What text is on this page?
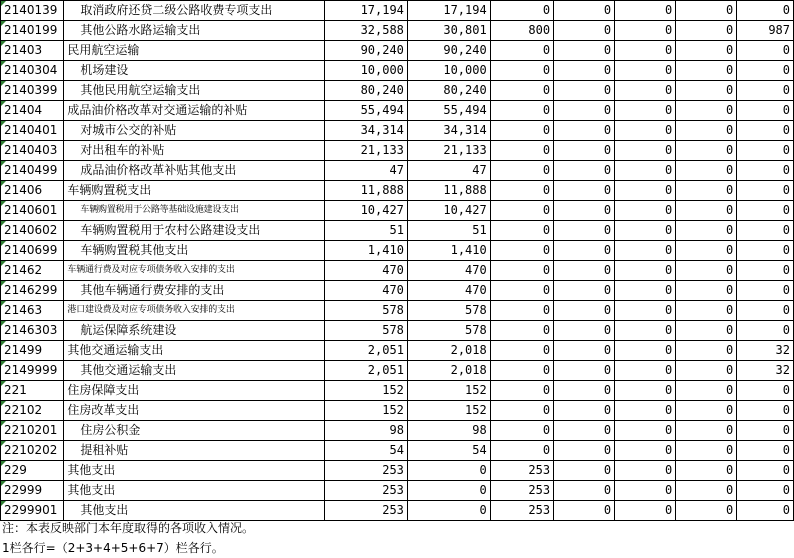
2140139	取消政府还贷二级公路收费专项支出	17,194	17,194	0	0	0	0	0
2140199	其他公路水路运输支出	32,588	30,801	800	0	0	0	987
21403	民用航空运输	90,240	90,240	0	0	0	0	0
2140304	机场建设	10,000	10,000	0	0	0	0	0
2140399	其他民用航空运输支出	80,240	80,240	0	0	0	0	0
21404	成品油价格改革对交通运输的补贴	55,494	55,494	0	0	0	0	0
2140401	对城市公交的补贴	34,314	34,314	0	0	0	0	0
2140403	对出租车的补贴	21,133	21,133	0	0	0	0	0
2140499	成品油价格改革补贴其他支出	47	47	0	0	0	0	0
21406	车辆购置税支出	11,888	11,888	0	0	0	0	0
2140601	车辆购置税用于公路等基础设施建设支出	10,427	10,427	0	0	0	0	0
2140602	车辆购置税用于农村公路建设支出	51	51	0	0	0	0	0
2140699	车辆购置税其他支出	1,410	1,410	0	0	0	0	0
21462	车辆通行费及对应专项债务收入安排的支出	470	470	0	0	0	0	0
2146299	其他车辆通行费安排的支出	470	470	0	0	0	0	0
21463	港口建设费及对应专项债务收入安排的支出	578	578	0	0	0	0	0
2146303	航运保障系统建设	578	578	0	0	0	0	0
21499	其他交通运输支出	2,051	2,018	0	0	0	0	32
2149999	其他交通运输支出	2,051	2,018	0	0	0	0	32
221	住房保障支出	152	152	0	0	0	0	0
22102	住房改革支出	152	152	0	0	0	0	0
2210201	住房公积金	98	98	0	0	0	0	0
2210202	提租补贴	54	54	0	0	0	0	0
229	其他支出	253	0	253	0	0	0	0
22999	其他支出	253	0	253	0	0	0	0
2299901	其他支出	253	0	253	0	0	0	0
注：本表反映部门本年度取得的各项收入情况。
1栏各行=（2+3+4+5+6+7）栏各行。
